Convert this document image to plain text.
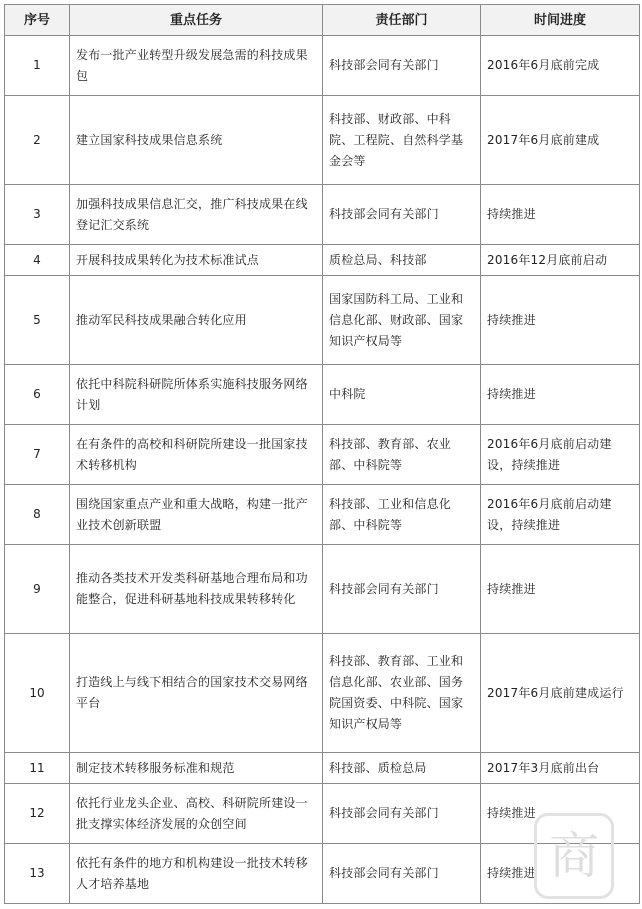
序号	重点任务	责任部门	时间进度
1	发布一批产业转型升级发展急需的科技成果包	科技部会同有关部门	2016年6月底前完成
2	建立国家科技成果信息系统	科技部、财政部、中科院、工程院、自然科学基金会等	2017年6月底前建成
3	加强科技成果信息汇交，推广科技成果在线登记汇交系统	科技部会同有关部门	持续推进
4	开展科技成果转化为技术标准试点	质检总局、科技部	2016年12月底前启动
5	推动军民科技成果融合转化应用	国家国防科工局、工业和信息化部、财政部、国家知识产权局等	持续推进
6	依托中科院科研院所体系实施科技服务网络计划	中科院	持续推进
7	在有条件的高校和科研院所建设一批国家技术转移机构	科技部、教育部、农业部、中科院等	2016年6月底前启动建设，持续推进
8	围绕国家重点产业和重大战略，构建一批产业技术创新联盟	科技部、工业和信息化部、中科院等	2016年6月底前启动建设，持续推进
9	推动各类技术开发类科研基地合理布局和功能整合，促进科研基地科技成果转移转化	科技部会同有关部门	持续推进
10	打造线上与线下相结合的国家技术交易网络平台	科技部、教育部、工业和信息化部、农业部、国务院国资委、中科院、国家知识产权局等	2017年6月底前建成运行
11	制定技术转移服务标准和规范	科技部、质检总局	2017年3月底前出台
12	依托行业龙头企业、高校、科研院所建设一批支撑实体经济发展的众创空间	科技部会同有关部门	持续推进
13	依托有条件的地方和机构建设一批技术转移人才培养基地	科技部会同有关部门	持续推进 商
